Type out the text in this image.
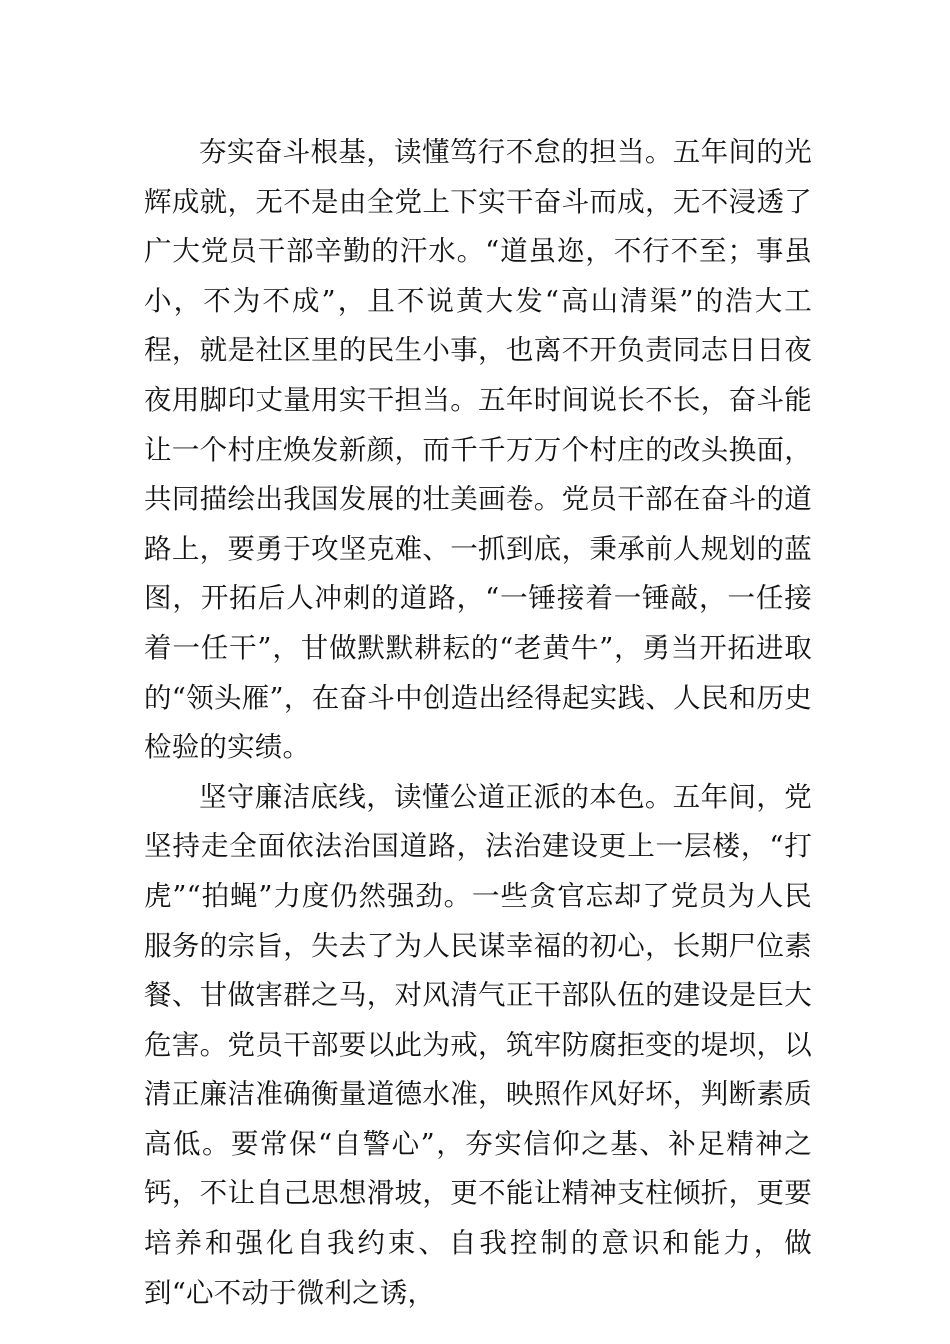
夯实奋斗根基，读懂笃行不怠的担当。五年间的光辉成就，无不是由全党上下实干奋斗而成，无不浸透了广大党员干部辛勤的汗水。“道虽迩，不行不至；事虽小，不为不成”，且不说黄大发“高山清渠”的浩大工程，就是社区里的民生小事，也离不开负责同志日日夜夜用脚印丈量用实干担当。五年时间说长不长，奋斗能让一个村庄焕发新颜，而千千万万个村庄的改头换面，共同描绘出我国发展的壮美画卷。党员干部在奋斗的道路上，要勇于攻坚克难、一抓到底，秉承前人规划的蓝图，开拓后人冲刺的道路，“一锤接着一锤敲，一任接着一任干”，甘做默默耕耘的“老黄牛”，勇当开拓进取的“领头雁”，在奋斗中创造出经得起实践、人民和历史检验的实绩。

坚守廉洁底线，读懂公道正派的本色。五年间，党坚持走全面依法治国道路，法治建设更上一层楼，“打虎”“拍蝇”力度仍然强劲。一些贪官忘却了党员为人民服务的宗旨，失去了为人民谋幸福的初心，长期尸位素餐、甘做害群之马，对风清气正干部队伍的建设是巨大危害。党员干部要以此为戒，筑牢防腐拒变的堤坝，以清正廉洁准确衡量道德水准，映照作风好坏，判断素质高低。要常保“自警心”，夯实信仰之基、补足精神之钙，不让自己思想滑坡，更不能让精神支柱倾折，更要培养和强化自我约束、自我控制的意识和能力，做到“心不动于微利之诱，
